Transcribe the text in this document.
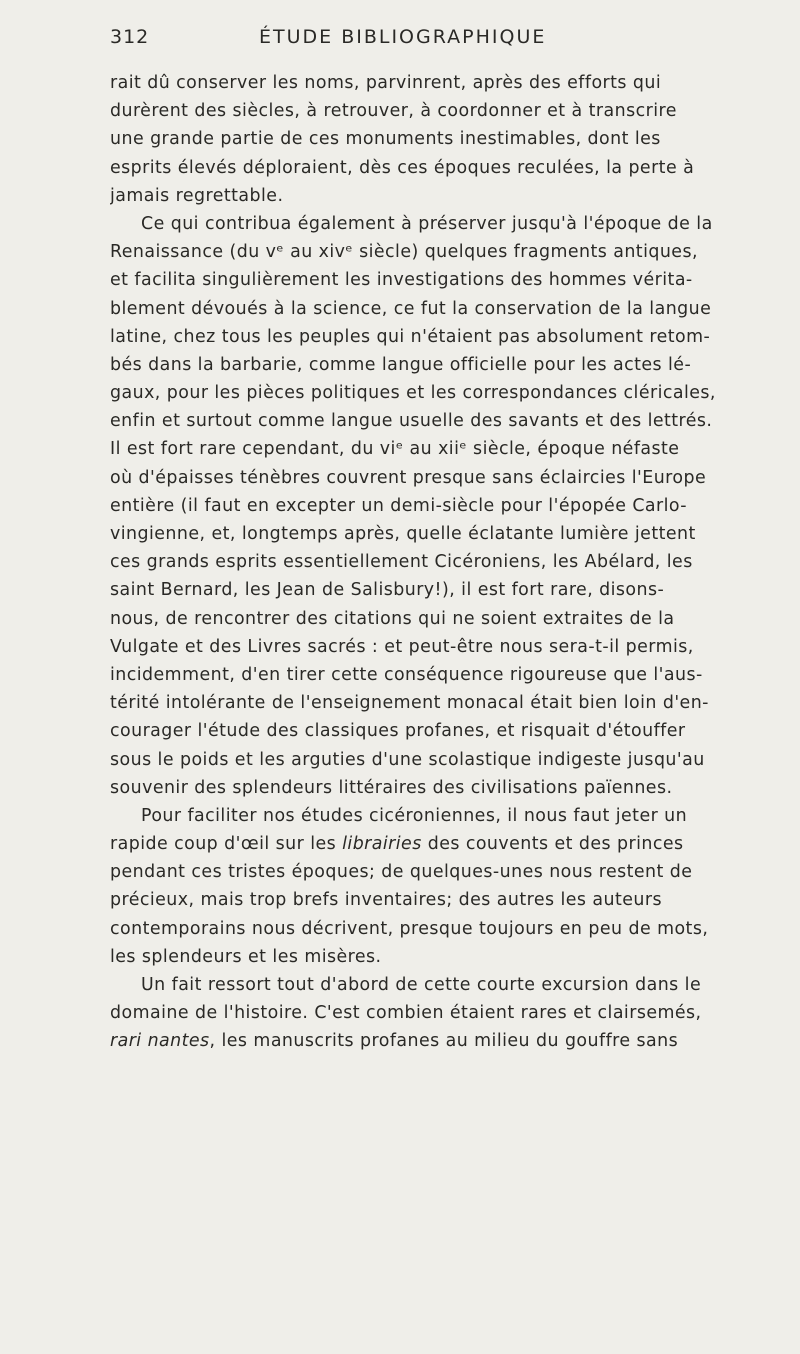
312	ÉTUDE BIBLIOGRAPHIQUE
rait dû conserver les noms, parvinrent, après des efforts qui
durèrent des siècles, à retrouver, à coordonner et à transcrire
une grande partie de ces monuments inestimables, dont les
esprits élevés déploraient, dès ces époques reculées, la perte à
jamais regrettable.
Ce qui contribua également à préserver jusqu'à l'époque de la
Renaissance (du vᵉ au xivᵉ siècle) quelques fragments antiques,
et facilita singulièrement les investigations des hommes vérita-
blement dévoués à la science, ce fut la conservation de la langue
latine, chez tous les peuples qui n'étaient pas absolument retom-
bés dans la barbarie, comme langue officielle pour les actes lé-
gaux, pour les pièces politiques et les correspondances cléricales,
enfin et surtout comme langue usuelle des savants et des lettrés.
Il est fort rare cependant, du viᵉ au xiiᵉ siècle, époque néfaste
où d'épaisses ténèbres couvrent presque sans éclaircies l'Europe
entière (il faut en excepter un demi-siècle pour l'épopée Carlo-
vingienne, et, longtemps après, quelle éclatante lumière jettent
ces grands esprits essentiellement Cicéroniens, les Abélard, les
saint Bernard, les Jean de Salisbury!), il est fort rare, disons-
nous, de rencontrer des citations qui ne soient extraites de la
Vulgate et des Livres sacrés : et peut-être nous sera-t-il permis,
incidemment, d'en tirer cette conséquence rigoureuse que l'aus-
térité intolérante de l'enseignement monacal était bien loin d'en-
courager l'étude des classiques profanes, et risquait d'étouffer
sous le poids et les arguties d'une scolastique indigeste jusqu'au
souvenir des splendeurs littéraires des civilisations païennes.
Pour faciliter nos études cicéroniennes, il nous faut jeter un
rapide coup d'œil sur les librairies des couvents et des princes
pendant ces tristes époques; de quelques-unes nous restent de
précieux, mais trop brefs inventaires; des autres les auteurs
contemporains nous décrivent, presque toujours en peu de mots,
les splendeurs et les misères.
Un fait ressort tout d'abord de cette courte excursion dans le
domaine de l'histoire. C'est combien étaient rares et clairsemés,
rari nantes, les manuscrits profanes au milieu du gouffre sans
